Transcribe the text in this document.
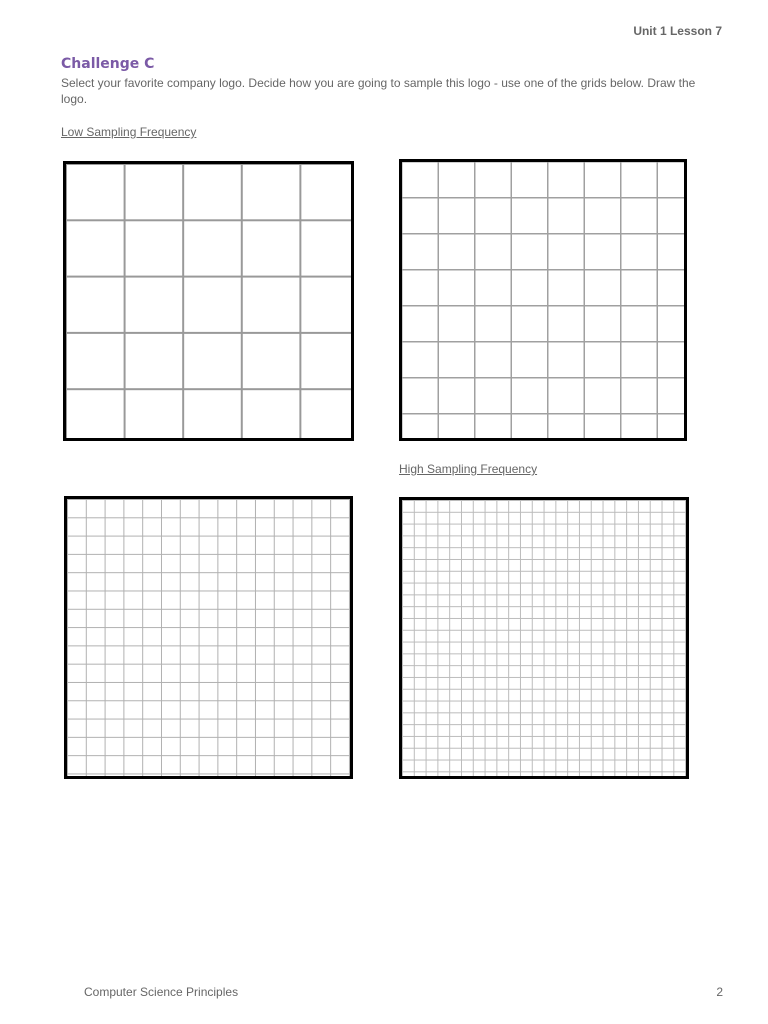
Unit 1 Lesson 7
Challenge C
Select your favorite company logo. Decide how you are going to sample this logo - use one of the grids below. Draw the logo.
Low Sampling Frequency
High Sampling Frequency
Computer Science Principles	2
